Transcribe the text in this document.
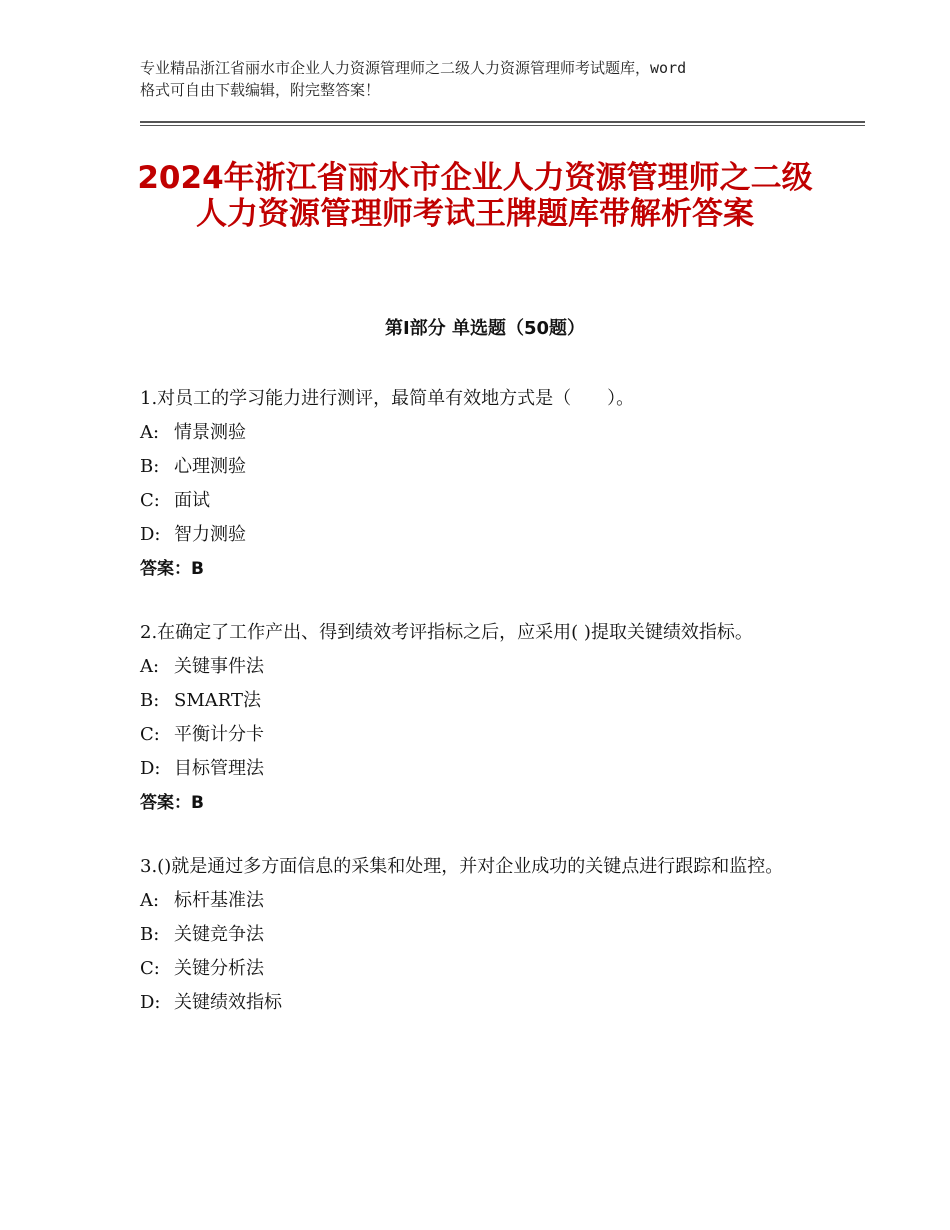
专业精品浙江省丽水市企业人力资源管理师之二级人力资源管理师考试题库，word
格式可自由下载编辑，附完整答案！
2024年浙江省丽水市企业人力资源管理师之二级人力资源管理师考试王牌题库带解析答案
第Ⅰ部分 单选题（50题）
1.对员工的学习能力进行测评，最简单有效地方式是（　　）。
A: 情景测验
B: 心理测验
C: 面试
D: 智力测验
答案：B
2.在确定了工作产出、得到绩效考评指标之后，应采用( )提取关键绩效指标。
A: 关键事件法
B: SMART法
C: 平衡计分卡
D: 目标管理法
答案：B
3.()就是通过多方面信息的采集和处理，并对企业成功的关键点进行跟踪和监控。
A: 标杆基准法
B: 关键竞争法
C: 关键分析法
D: 关键绩效指标
